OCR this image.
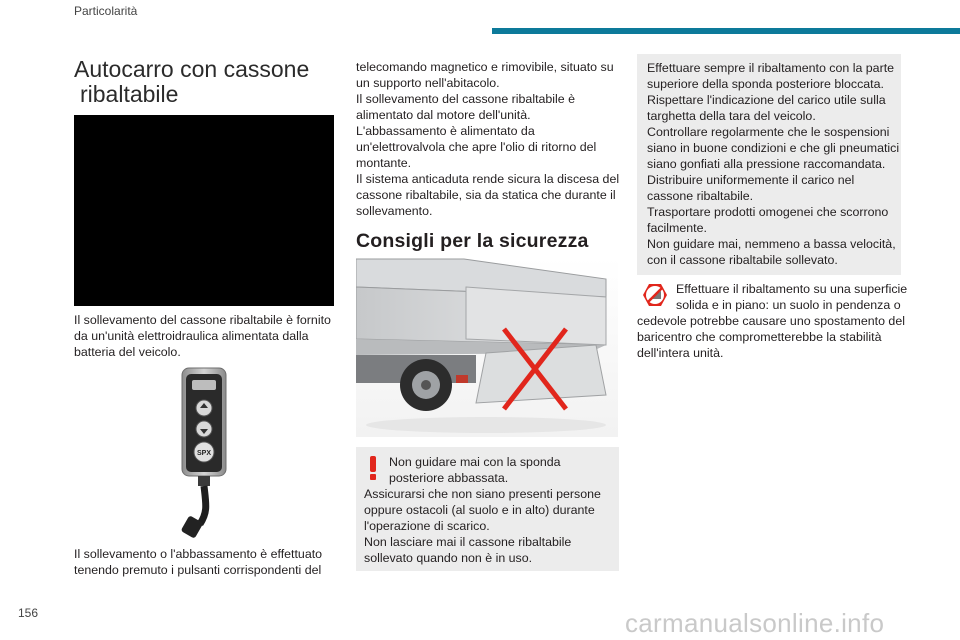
Particolarità
Autocarro con cassone
ribaltabile
Il sollevamento del cassone ribaltabile è fornito
da un'unità elettroidraulica alimentata dalla
batteria del veicolo.
SPX
Il sollevamento o l'abbassamento è effettuato
tenendo premuto i pulsanti corrispondenti del
telecomando magnetico e rimovibile, situato su
un supporto nell'abitacolo.
Il sollevamento del cassone ribaltabile è
alimentato dal motore dell'unità.
L'abbassamento è alimentato da
un'elettrovalvola che apre l'olio di ritorno del
montante.
Il sistema anticaduta rende sicura la discesa del
cassone ribaltabile, sia da statica che durante il
sollevamento.
Consigli per la sicurezza
Non guidare mai con la sponda
posteriore abbassata.
Assicurarsi che non siano presenti persone
oppure ostacoli (al suolo e in alto) durante
l'operazione di scarico.
Non lasciare mai il cassone ribaltabile
sollevato quando non è in uso.
Effettuare sempre il ribaltamento con la parte
superiore della sponda posteriore bloccata.
Rispettare l'indicazione del carico utile sulla
targhetta della tara del veicolo.
Controllare regolarmente che le sospensioni
siano in buone condizioni e che gli pneumatici
siano gonfiati alla pressione raccomandata.
Distribuire uniformemente il carico nel
cassone ribaltabile.
Trasportare prodotti omogenei che scorrono
facilmente.
Non guidare mai, nemmeno a bassa velocità,
con il cassone ribaltabile sollevato.
Effettuare il ribaltamento su una superficie
solida e in piano: un suolo in pendenza o
cedevole potrebbe causare uno spostamento del
baricentro che comprometterebbe la stabilità
dell'intera unità.
156	carmanualsonline.info
